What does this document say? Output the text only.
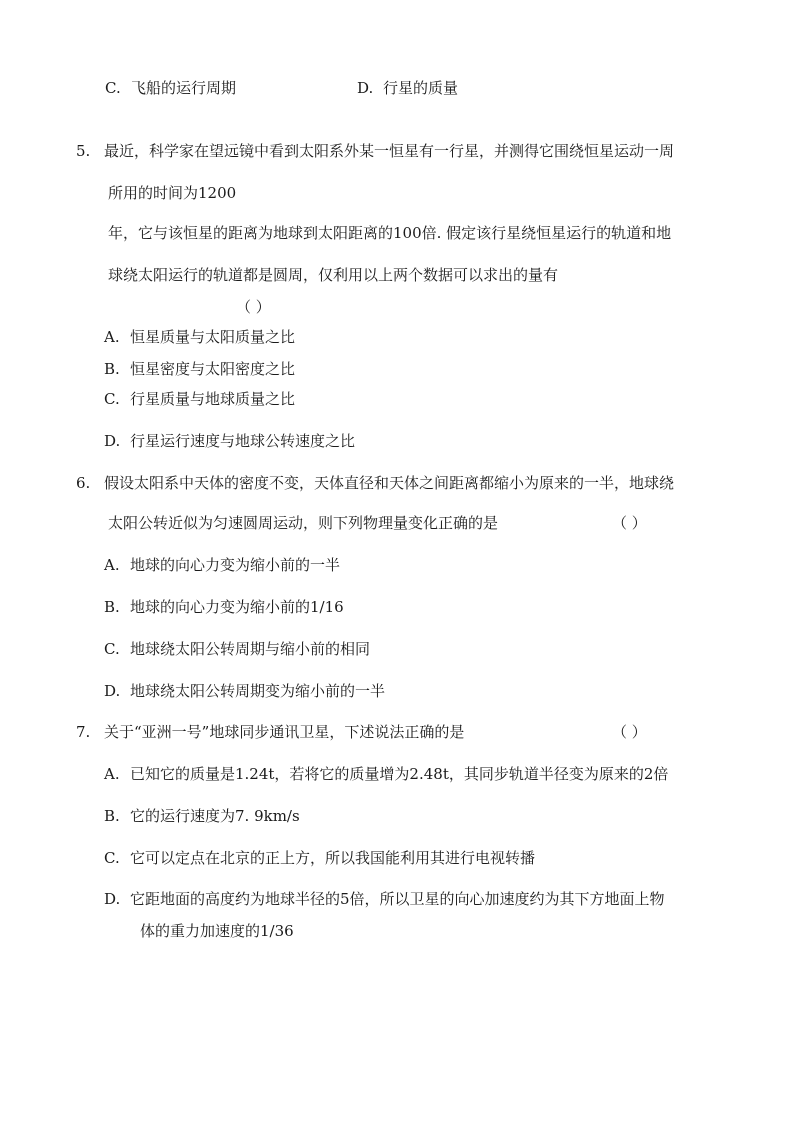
C. 飞船的运行周期	D. 行星的质量
5. 最近，科学家在望远镜中看到太阳系外某一恒星有一行星，并测得它围绕恒星运动一周
所用的时间为1200
年，它与该恒星的距离为地球到太阳距离的100倍. 假定该行星绕恒星运行的轨道和地
球绕太阳运行的轨道都是圆周，仅利用以上两个数据可以求出的量有
（ ）
A. 恒星质量与太阳质量之比
B. 恒星密度与太阳密度之比
C. 行星质量与地球质量之比
D. 行星运行速度与地球公转速度之比
6. 假设太阳系中天体的密度不变，天体直径和天体之间距离都缩小为原来的一半，地球绕
太阳公转近似为匀速圆周运动，则下列物理量变化正确的是	（ ）
A. 地球的向心力变为缩小前的一半
B. 地球的向心力变为缩小前的1/16
C. 地球绕太阳公转周期与缩小前的相同
D. 地球绕太阳公转周期变为缩小前的一半
7. 关于“亚洲一号”地球同步通讯卫星，下述说法正确的是	（ ）
A. 已知它的质量是1.24t，若将它的质量增为2.48t，其同步轨道半径变为原来的2倍
B. 它的运行速度为7. 9km/s
C. 它可以定点在北京的正上方，所以我国能利用其进行电视转播
D. 它距地面的高度约为地球半径的5倍，所以卫星的向心加速度约为其下方地面上物
体的重力加速度的1/36
